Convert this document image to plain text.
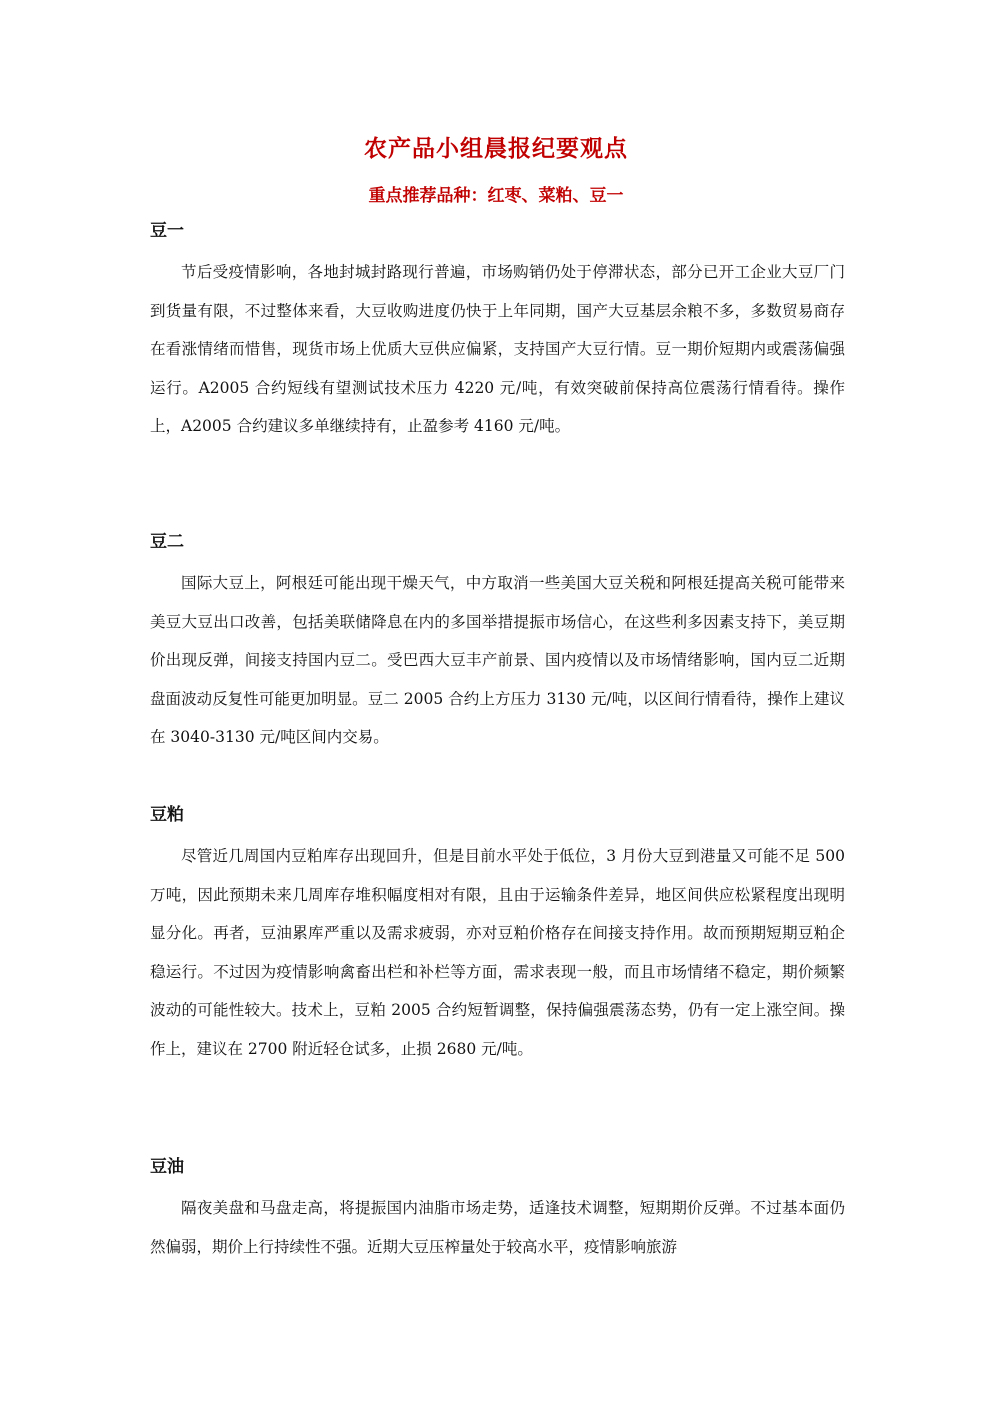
农产品小组晨报纪要观点
重点推荐品种：红枣、菜粕、豆一
豆一

节后受疫情影响，各地封城封路现行普遍，市场购销仍处于停滞状态，部分已开工企业大豆厂门到货量有限，不过整体来看，大豆收购进度仍快于上年同期，国产大豆基层余粮不多，多数贸易商存在看涨情绪而惜售，现货市场上优质大豆供应偏紧，支持国产大豆行情。豆一期价短期内或震荡偏强运行。A2005 合约短线有望测试技术压力 4220 元/吨，有效突破前保持高位震荡行情看待。操作上，A2005 合约建议多单继续持有，止盈参考 4160 元/吨。

豆二

国际大豆上，阿根廷可能出现干燥天气，中方取消一些美国大豆关税和阿根廷提高关税可能带来美豆大豆出口改善，包括美联储降息在内的多国举措提振市场信心，在这些利多因素支持下，美豆期价出现反弹，间接支持国内豆二。受巴西大豆丰产前景、国内疫情以及市场情绪影响，国内豆二近期盘面波动反复性可能更加明显。豆二 2005 合约上方压力 3130 元/吨，以区间行情看待，操作上建议在 3040-3130 元/吨区间内交易。

豆粕

尽管近几周国内豆粕库存出现回升，但是目前水平处于低位，3 月份大豆到港量又可能不足 500 万吨，因此预期未来几周库存堆积幅度相对有限，且由于运输条件差异，地区间供应松紧程度出现明显分化。再者，豆油累库严重以及需求疲弱，亦对豆粕价格存在间接支持作用。故而预期短期豆粕企稳运行。不过因为疫情影响禽畜出栏和补栏等方面，需求表现一般，而且市场情绪不稳定，期价频繁波动的可能性较大。技术上，豆粕 2005 合约短暂调整，保持偏强震荡态势，仍有一定上涨空间。操作上，建议在 2700 附近轻仓试多，止损 2680 元/吨。

豆油

隔夜美盘和马盘走高，将提振国内油脂市场走势，适逢技术调整，短期期价反弹。不过基本面仍然偏弱，期价上行持续性不强。近期大豆压榨量处于较高水平，疫情影响旅游
